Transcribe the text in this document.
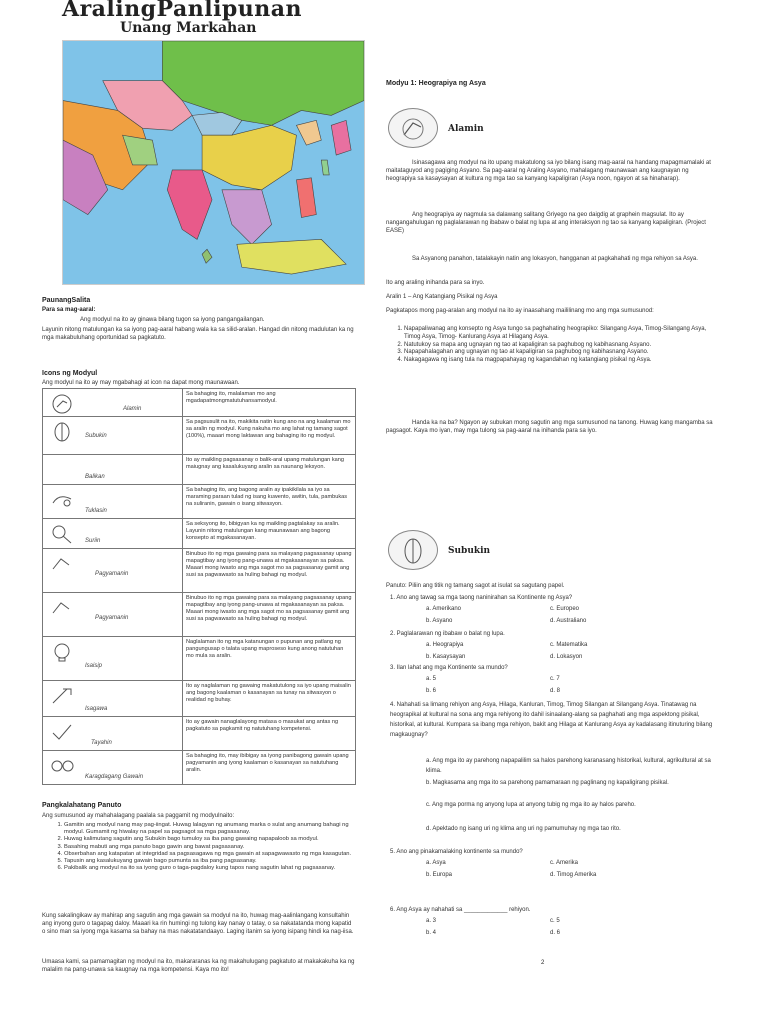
AralingPanlipunan
Unang Markahan
PaunangSalita
Para sa mag-aaral:
Ang modyul na ito ay ginawa bilang tugon sa iyong pangangailangan.
Layunin nitong matulungan ka sa iyong pag-aaral habang wala ka sa silid-aralan. Hangad din nitong madulutan ka ng mga makabuluhang oportunidad sa pagkatuto.
Icons ng Modyul
Ang modyul na ito ay may mgabahagi at icon na dapat mong maunawaan.
Alamin	Sa bahaging ito, malalaman mo ang mgadapatmongmatutuhansamodyul.

Subukin	Sa pagsusulit na ito, makikita natin kung ano na ang kaalaman mo sa aralin ng modyul. Kung nakuha mo ang lahat ng tamang sagot (100%), maaari mong laktawan ang bahaging ito ng modyul.

Balikan	Ito ay maikling pagsasanay o balik-aral upang matulungan kang maiugnay ang kasalukuyang aralin sa naunang leksyon.

Tuklasin	Sa bahaging ito, ang bagong aralin ay ipakikilala sa iyo sa maraming paraan tulad ng isang kuwento, awitin, tula, pambukas na suliranin, gawain o isang sitwasyon.

Suriin	Sa seksyong ito, bibigyan ka ng maikling pagtalakay sa aralin. Layunin nitong matulungan kang maunawaan ang bagong konsepto at mgakasanayan.

Pagyamanin	Binubuo ito ng mga gawaing para sa malayang pagsasanay upang mapagtibay ang iyong pang-unawa at mgakasanayan sa paksa. Maaari mong iwasto ang mga sagot mo sa pagsasanay gamit ang susi sa pagwawasto sa huling bahagi ng modyul.

Pagyamanin	Binubuo ito ng mga gawaing para sa malayang pagsasanay upang mapagtibay ang iyong pang-unawa at mgakasanayan sa paksa. Maaari mong iwasto ang mga sagot mo sa pagsasanay gamit ang susi sa pagwawasto sa huling bahagi ng modyul.

Isaisip	Naglalaman ito ng mga katanungan o pupunan ang patlang ng pangungusap o talata upang maproseso kung anong natutuhan mo mula sa aralin.

Isagawa	Ito ay naglalaman ng gawaing makatutulong sa iyo upang maisalin ang bagong kaalaman o kasanayan sa tunay na sitwasyon o realidad ng buhay.

Tayahin	Ito ay gawain nanaglalayong matasa o masukat ang antas ng pagkatuto sa pagkamit ng natutuhang kompetensi.

Karagdagang Gawain	Sa bahaging ito, may ibibigay sa iyong panibagong gawain upang pagyamanin ang iyong kaalaman o kasanayan sa natutuhang aralin.
Pangkalahatang Panuto
Ang sumusunod ay mahahalagang paalala sa paggamit ng modyulnaito:
1. Gamitin ang modyul nang may pag-iingat. Huwag lalagyan ng anumang marka o sulat ang anumang bahagi ng modyul. Gumamit ng hiwalay na papel sa pagsagot sa mga pagsasanay.
2. Huwag kalimutang sagutin ang Subukin bago tumuloy sa iba pang gawaing napapaloob sa modyul.
3. Basahing mabuti ang mga panuto bago gawin ang bawat pagsasanay.
4. Obserbahan ang katapatan at integridad sa pagsasagawa ng mga gawain at sapagwawasto ng mga kasagutan.
5. Tapusin ang kasalukuyang gawain bago pumunta sa iba pang pagsasanay.
6. Pakibalik ang modyul na ito sa iyong guro o taga-pagdaloy kung tapos nang sagutin lahat ng pagsasanay.
Kung sakalingikaw ay mahirap ang sagutin ang mga gawain sa modyul na ito, huwag mag-aalinlangang konsultahin ang inyong guro o tagapag daloy. Maaari ka rin humingi ng tulong kay nanay o tatay, o sa nakatatanda mong kapatid o sino man sa iyong mga kasama sa bahay na mas nakatatandaayo. Laging itanim sa iyong isipang hindi ka nag-iisa.
Umaasa kami, sa pamamagitan ng modyul na ito, makararanas ka ng makahulugang pagkatuto at makakakuha ka ng malalim na pang-unawa sa kaugnay na mga kompetensi. Kaya mo ito!
Modyu 1: Heograpiya ng Asya
Alamin
Isinasagawa ang modyul na ito upang makatulong sa iyo bilang isang mag-aaral na handang mapagmamalaki at maitataguyod ang pagiging Asyano. Sa pag-aaral ng Araling Asyano, mahalagang maunawaan ang kaugnayan ng heograpiya sa kasaysayan at kultura ng mga tao sa kanyang kapaligiran (Asya noon, ngayon at sa hinaharap).
Ang heograpiya ay nagmula sa dalawang salitang Griyego na geo daigdig at graphein magsulat. Ito ay nangangahulugan ng paglalarawan ng ibabaw o balat ng lupa at ang interaksyon ng tao sa kanyang kapaligiran. (Project EASE)
Sa Asyanong panahon, tatalakayin natin ang lokasyon, hangganan at pagkahahati ng mga rehiyon sa Asya.
Ito ang araling inihanda para sa inyo.
Aralin 1 – Ang Katangiang Pisikal ng Asya
Pagkatapos mong pag-aralan ang modyul na ito ay inaasahang maililinang mo ang mga sumusunod:
1. Napapaliwanag ang konsepto ng Asya tungo sa paghahating heograpiko: Silangang Asya, Timog-Silangang Asya, Timog Asya, Timog- Kanlurang Asya at Hilagang Asya.
2. Natutukoy sa mapa ang ugnayan ng tao at kapaligiran sa paghubog ng kabihasnang Asyano.
3. Napapahalagahan ang ugnayan ng tao at kapaligiran sa paghubog ng kabihasnang Asyano.
4. Nakagagawa ng isang tula na magpapahayag ng kagandahan ng katangiang pisikal ng Asya.
Handa ka na ba? Ngayon ay subukan mong sagutin ang mga sumusunod na tanong. Huwag kang mangamba sa pagsagot. Kaya mo iyan, may mga tulong sa pag-aaral na inihanda para sa iyo.
Subukin
Panuto: Piliin ang titik ng tamang sagot at isulat sa sagutang papel.
1. Ano ang tawag sa mga taong naninirahan sa Kontinente ng Asya?
a. Amerikano	c. Europeo
b. Asyano	d. Australiano
2. Paglalarawan ng ibabaw o balat ng lupa.
a. Heograpiya	c. Matematika
b. Kasaysayan	d. Lokasyon
3. Ilan lahat ang mga Kontinente sa mundo?
a. 5	c. 7
b. 6	d. 8
4. Nahahati sa limang rehiyon ang Asya, Hilaga, Kanluran, Timog, Timog Silangan at Silangang Asya. Tinatawag na heograpikal at kultural na sona ang mga rehiyong ito dahil isinaalang-alang sa paghahati ang mga aspektong pisikal, historikal, at kultural. Kumpara sa ibang mga rehiyon, bakit ang Hilaga at Kanlurang Asya ay kadalasang itinuturing bilang magkaugnay?
a. Ang mga ito ay parehong napapalilim sa halos parehong karanasang historikal, kultural, agrikultural at sa klima.
b. Magkasama ang mga ito sa parehong pamamaraan ng paglinang ng kapaligirang pisikal.
c. Ang mga porma ng anyong lupa at anyong tubig ng mga ito ay halos pareho.
d. Apektado ng isang uri ng klima ang uri ng pamumuhay ng mga tao rito.
5. Ano ang pinakamalaking kontinente sa mundo?
a. Asya	c. Amerika
b. Europa	d. Timog Amerika
6. Ang Asya ay nahahati sa _____________ rehiyon.
a. 3	c. 5
b. 4	d. 6
2
